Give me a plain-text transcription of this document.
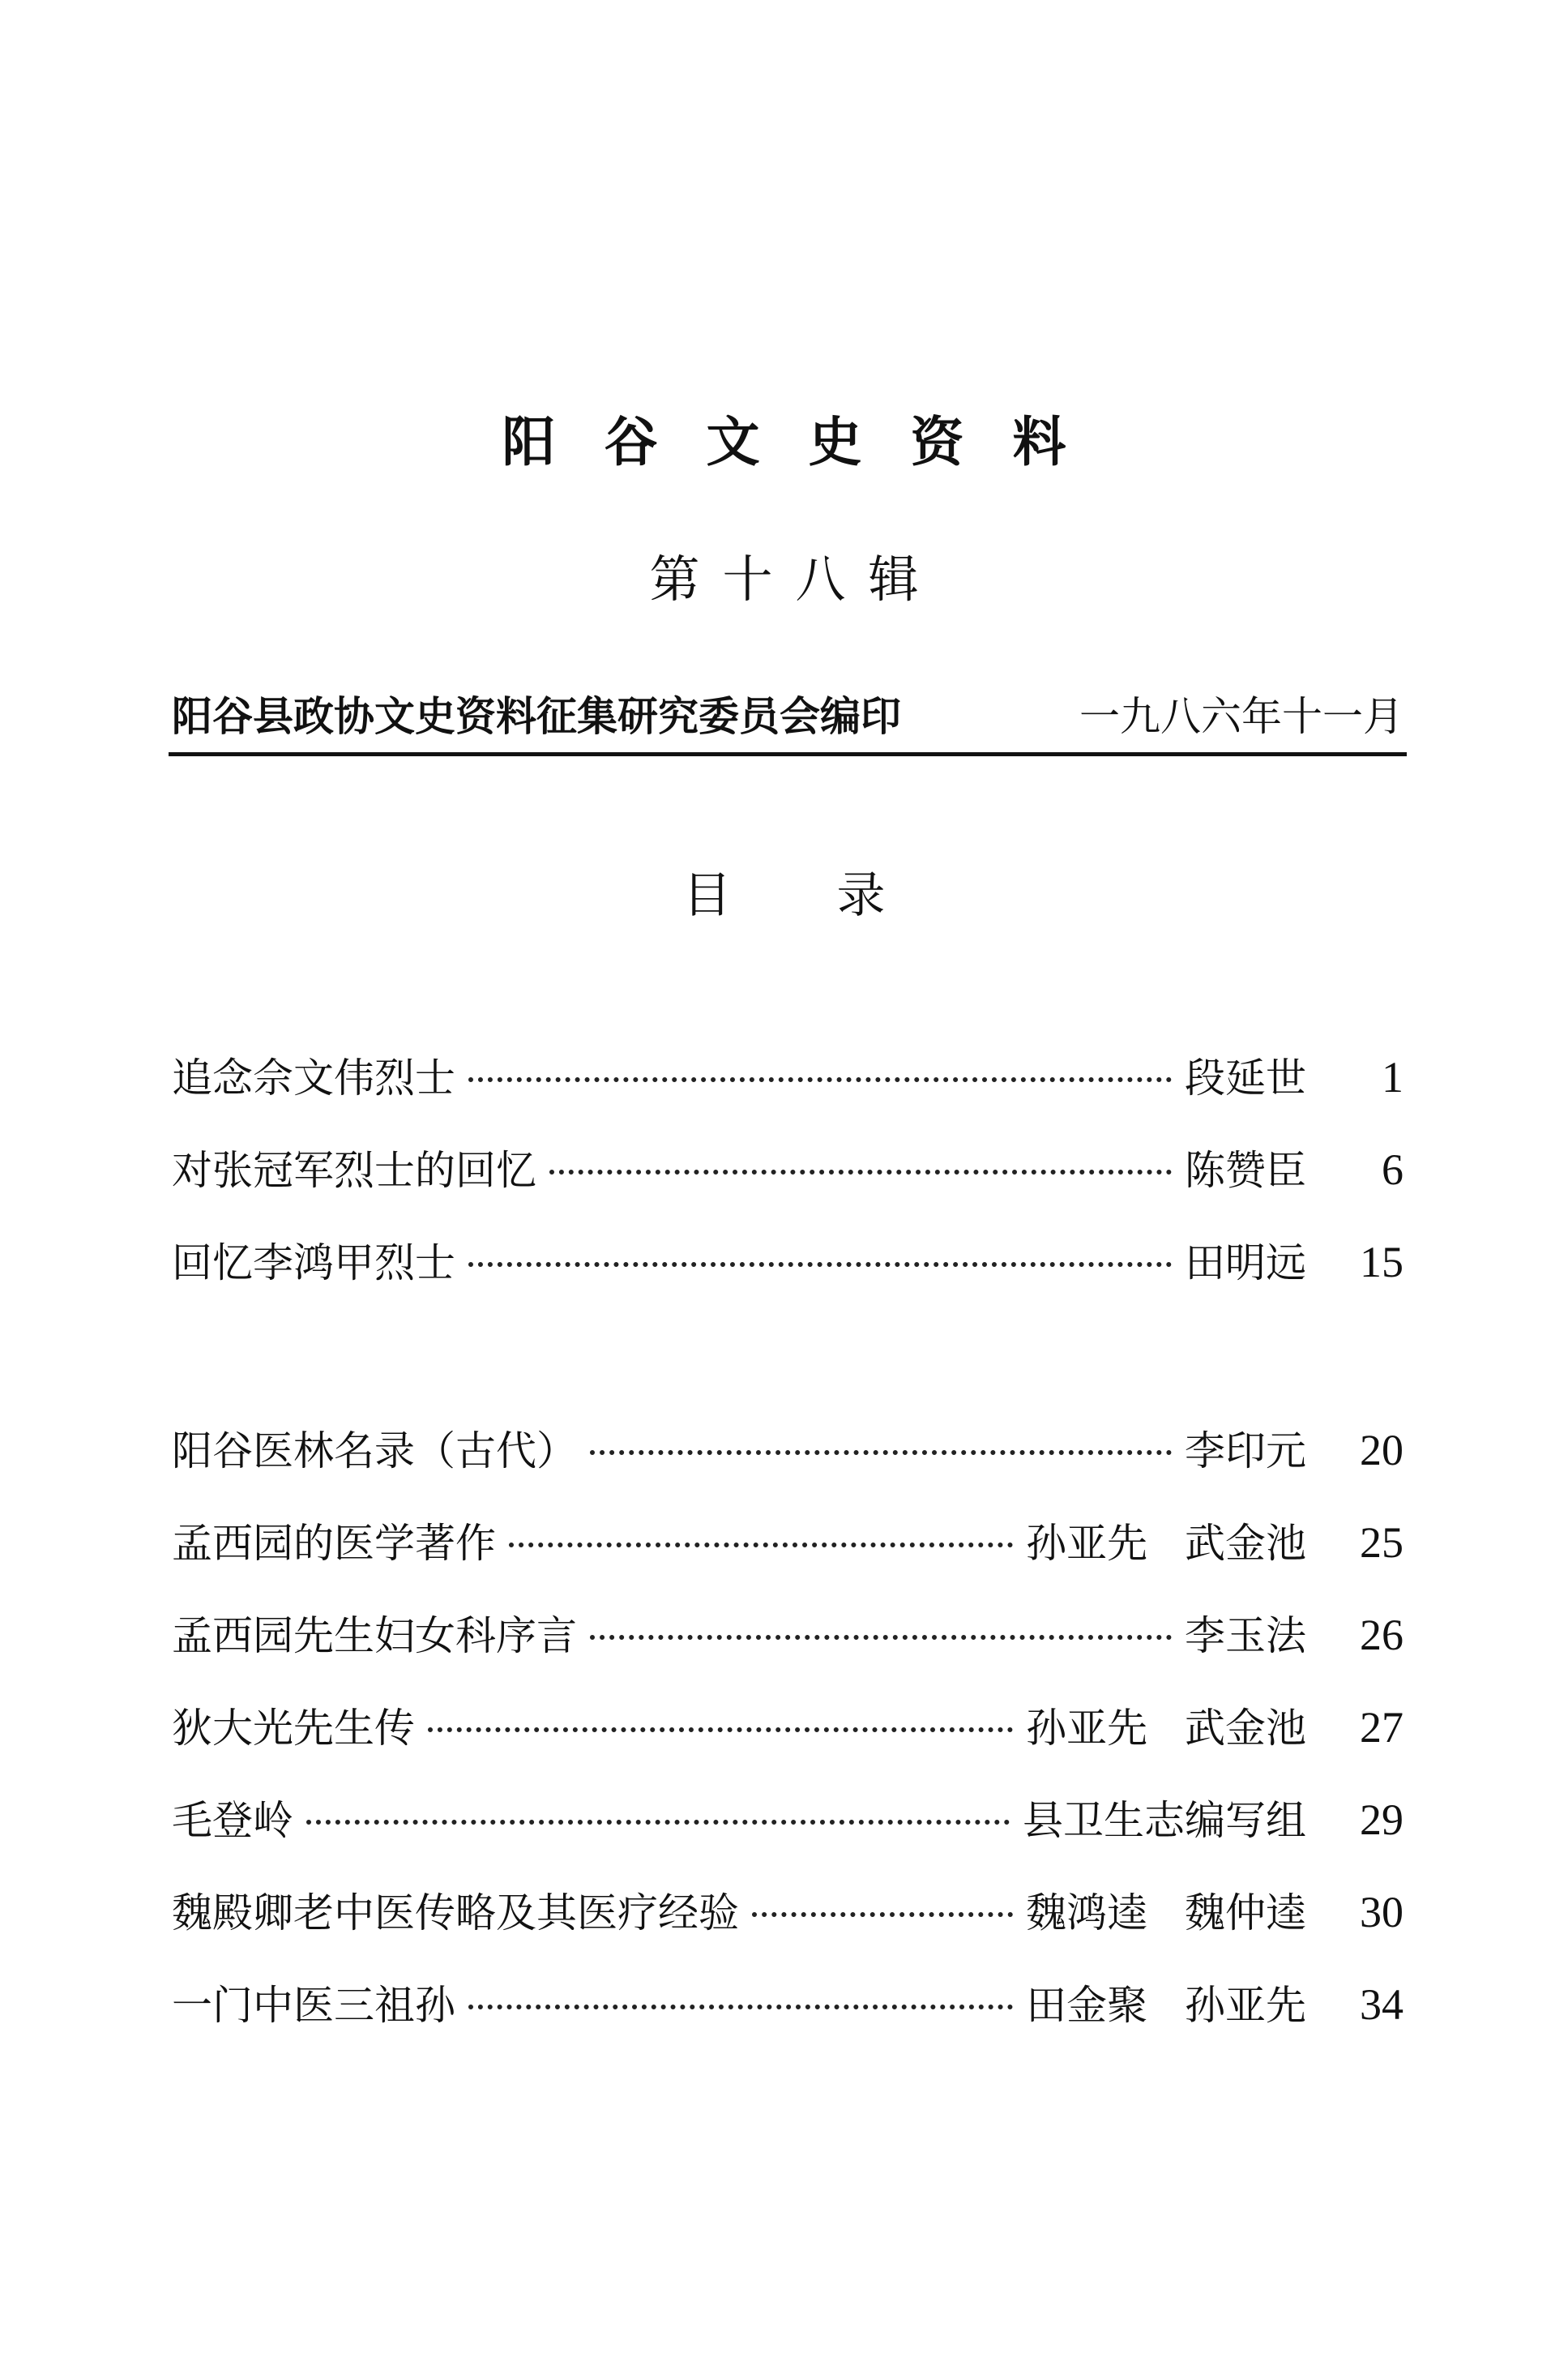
阳谷文史资料
第十八辑
阳谷县政协文史资料征集研究委员会编印	一九八六年十一月
目录
追念佘文伟烈士	段延世	1
对张冠军烈士的回忆	陈赞臣	6
回忆李鸿甲烈士	田明远	15
阳谷医林名录（古代）	李印元	20
孟西园的医学著作	孙亚先 武金池	25
孟西园先生妇女科序言	李玉法	26
狄大光先生传	孙亚先 武金池	27
毛登岭	县卫生志编写组	29
魏殿卿老中医传略及其医疗经验	魏鸿逵 魏仲逵	30
一门中医三祖孙	田金聚 孙亚先	34
